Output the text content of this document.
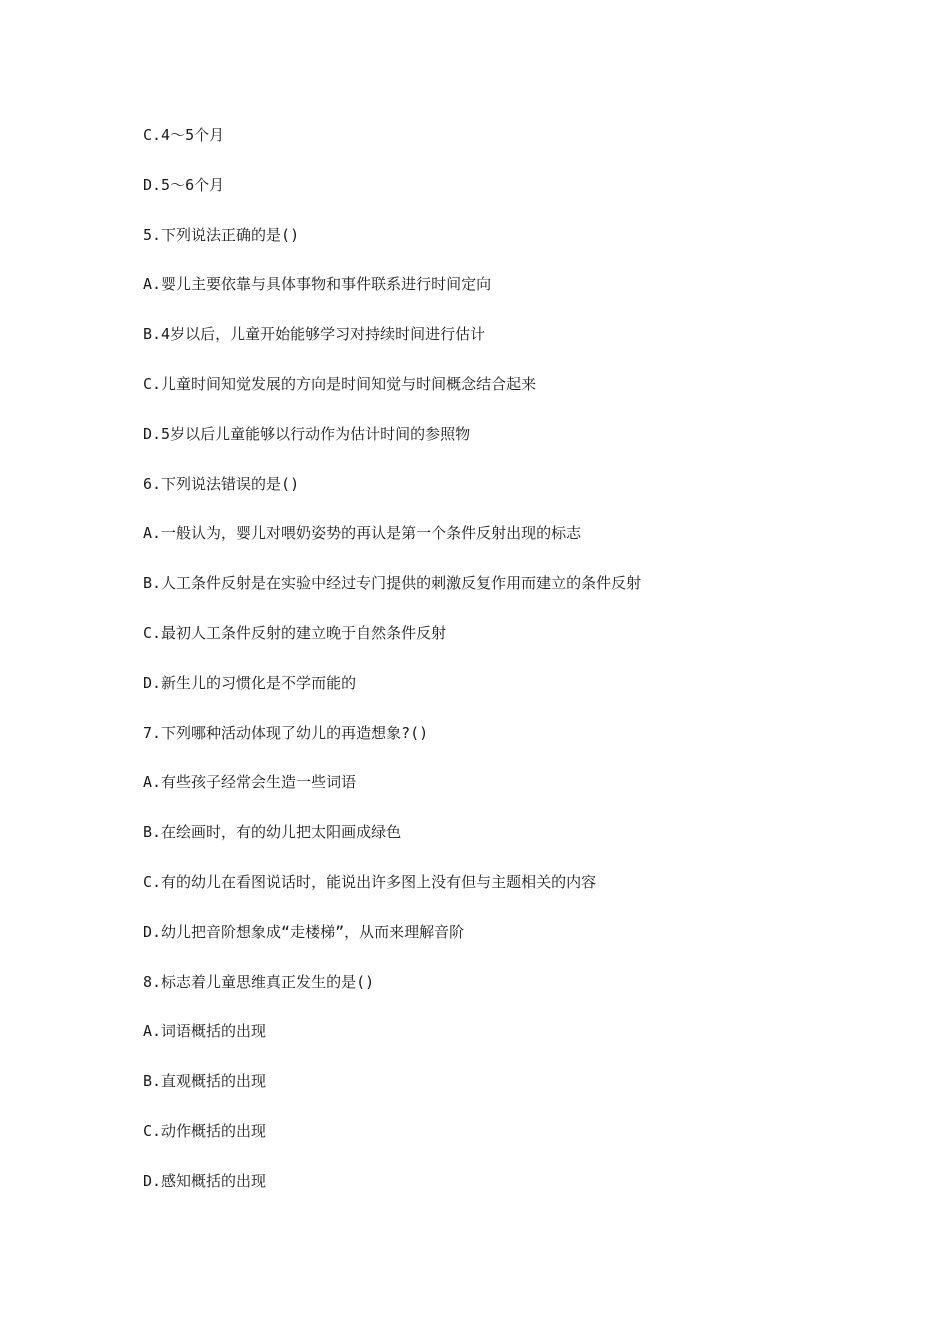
C.4～5个月
D.5～6个月
5.下列说法正确的是()
A.婴儿主要依靠与具体事物和事件联系进行时间定向
B.4岁以后，儿童开始能够学习对持续时间进行估计
C.儿童时间知觉发展的方向是时间知觉与时间概念结合起来
D.5岁以后儿童能够以行动作为估计时间的参照物
6.下列说法错误的是()
A.一般认为，婴儿对喂奶姿势的再认是第一个条件反射出现的标志
B.人工条件反射是在实验中经过专门提供的刺激反复作用而建立的条件反射
C.最初人工条件反射的建立晚于自然条件反射
D.新生儿的习惯化是不学而能的
7.下列哪种活动体现了幼儿的再造想象?()
A.有些孩子经常会生造一些词语
B.在绘画时，有的幼儿把太阳画成绿色
C.有的幼儿在看图说话时，能说出许多图上没有但与主题相关的内容
D.幼儿把音阶想象成“走楼梯”，从而来理解音阶
8.标志着儿童思维真正发生的是()
A.词语概括的出现
B.直观概括的出现
C.动作概括的出现
D.感知概括的出现
